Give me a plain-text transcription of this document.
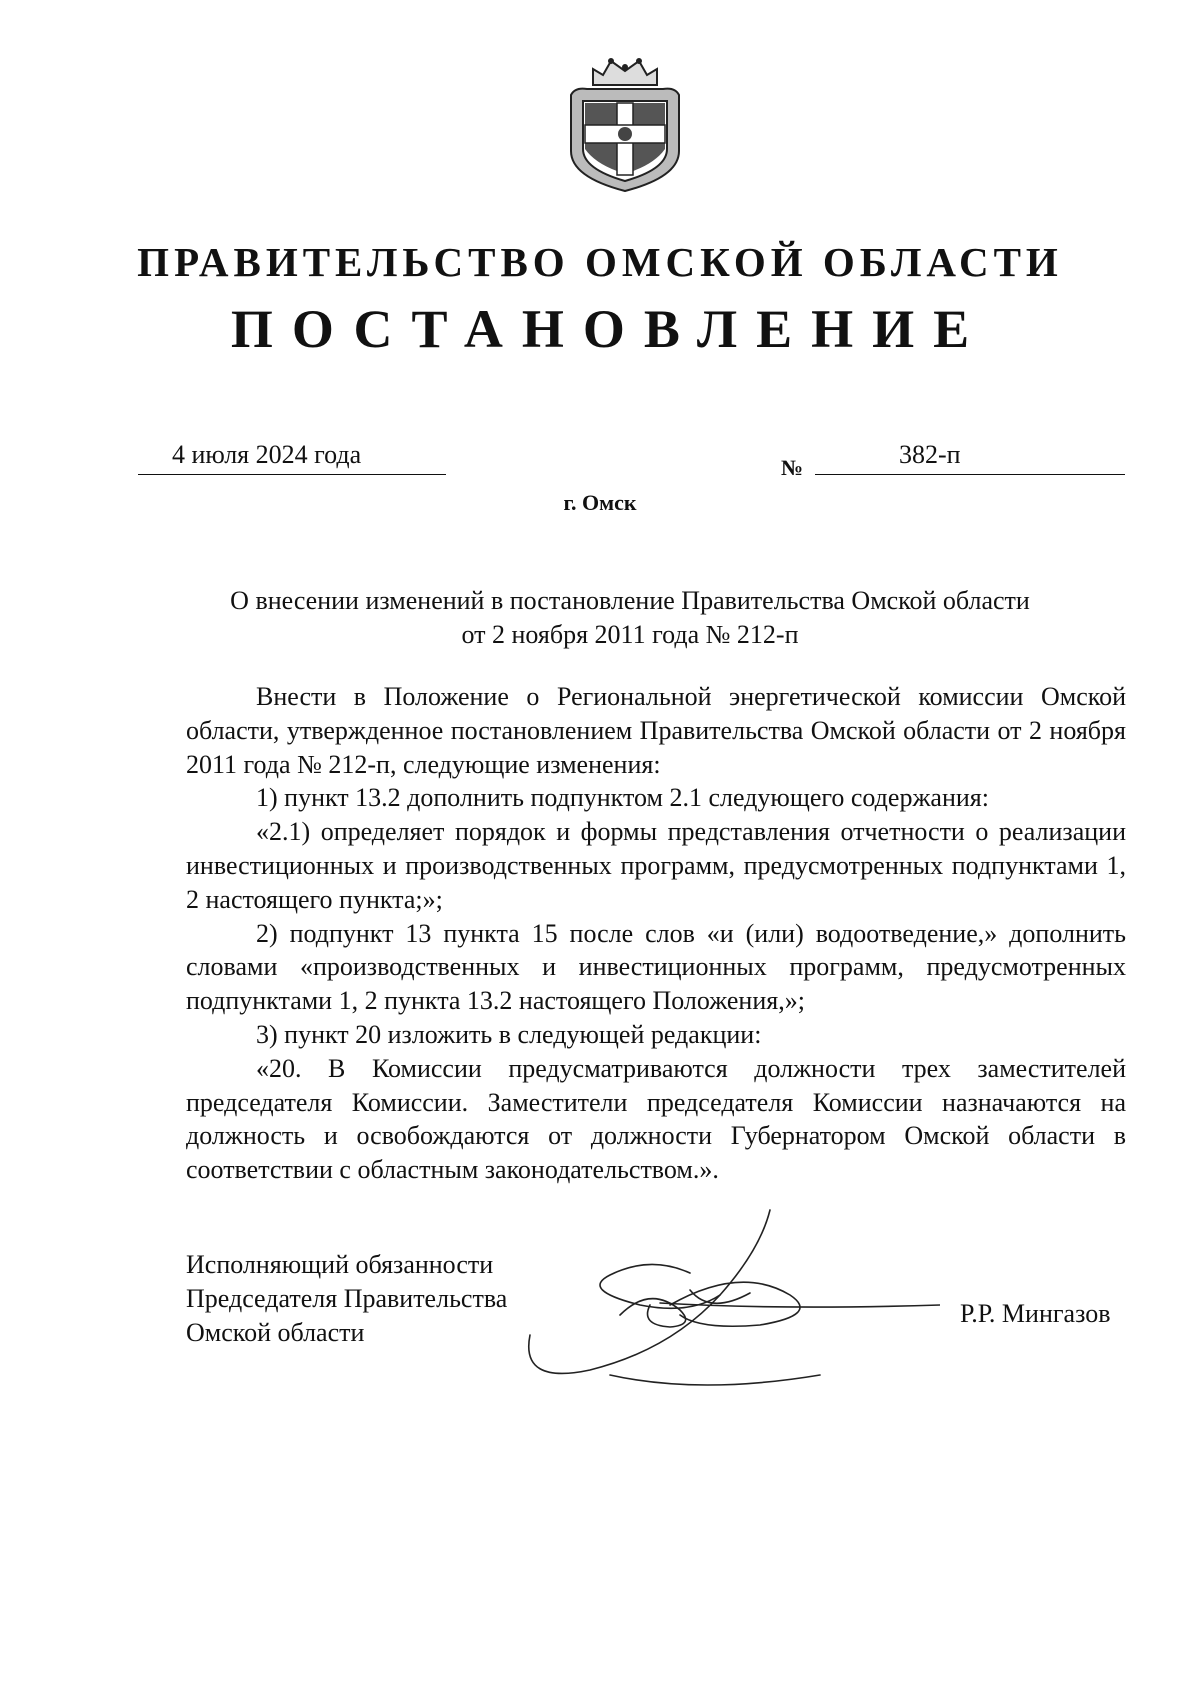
ПРАВИТЕЛЬСТВО ОМСКОЙ ОБЛАСТИ
ПОСТАНОВЛЕНИЕ
4 июля 2024 года	№	382-п
г. Омск
О внесении изменений в постановление Правительства Омской области
от 2 ноября 2011 года № 212-п

Внести в Положение о Региональной энергетической комиссии Омской области, утвержденное постановлением Правительства Омской области от 2 ноября 2011 года № 212-п, следующие изменения:

1) пункт 13.2 дополнить подпунктом 2.1 следующего содержания:

«2.1) определяет порядок и формы представления отчетности о реализации инвестиционных и производственных программ, предусмотренных подпунктами 1, 2 настоящего пункта;»;

2) подпункт 13 пункта 15 после слов «и (или) водоотведение,» дополнить словами «производственных и инвестиционных программ, предусмотренных подпунктами 1, 2 пункта 13.2 настоящего Положения,»;

3) пункт 20 изложить в следующей редакции:

«20. В Комиссии предусматриваются должности трех заместителей председателя Комиссии. Заместители председателя Комиссии назначаются на должность и освобождаются от должности Губернатором Омской области в соответствии с областным законодательством.».

Исполняющий обязанности
Председателя Правительства
Омской области
Р.Р. Мингазов
